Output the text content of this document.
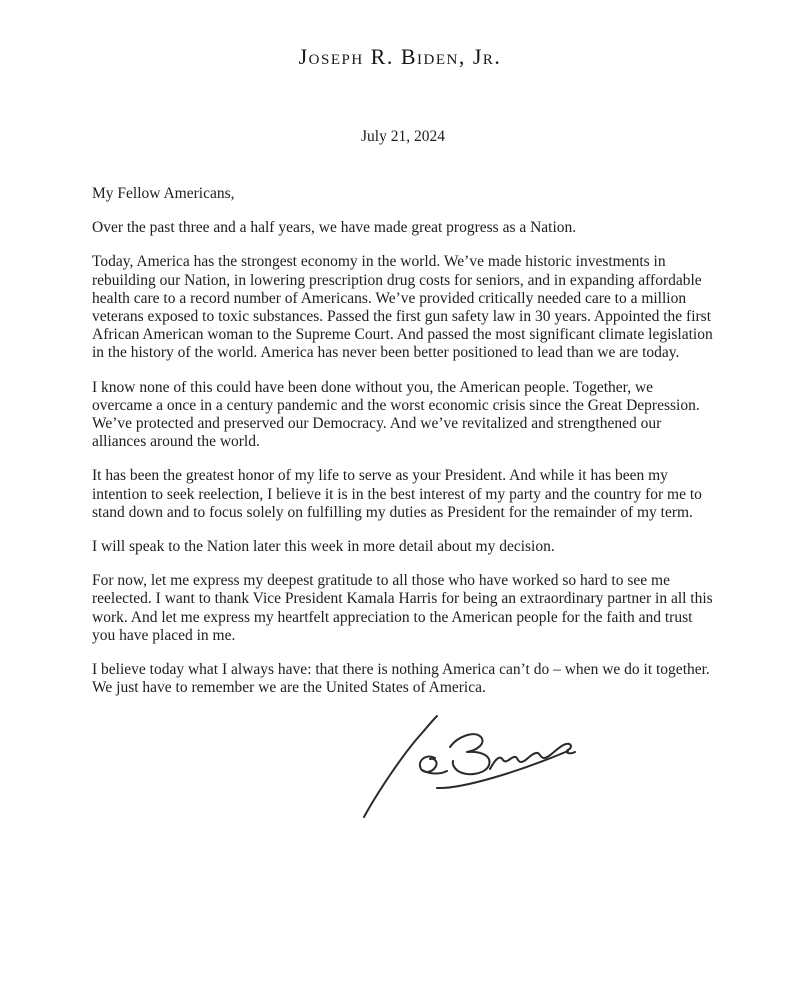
Joseph R. Biden, Jr.
July 21, 2024

My Fellow Americans,

Over the past three and a half years, we have made great progress as a Nation.

Today, America has the strongest economy in the world. We’ve made historic investments in rebuilding our Nation, in lowering prescription drug costs for seniors, and in expanding affordable health care to a record number of Americans. We’ve provided critically needed care to a million veterans exposed to toxic substances. Passed the first gun safety law in 30 years. Appointed the first African American woman to the Supreme Court. And passed the most significant climate legislation in the history of the world. America has never been better positioned to lead than we are today.

I know none of this could have been done without you, the American people. Together, we overcame a once in a century pandemic and the worst economic crisis since the Great Depression. We’ve protected and preserved our Democracy. And we’ve revitalized and strengthened our alliances around the world.

It has been the greatest honor of my life to serve as your President. And while it has been my intention to seek reelection, I believe it is in the best interest of my party and the country for me to stand down and to focus solely on fulfilling my duties as President for the remainder of my term.

I will speak to the Nation later this week in more detail about my decision.

For now, let me express my deepest gratitude to all those who have worked so hard to see me reelected. I want to thank Vice President Kamala Harris for being an extraordinary partner in all this work. And let me express my heartfelt appreciation to the American people for the faith and trust you have placed in me.

I believe today what I always have: that there is nothing America can’t do – when we do it together. We just have to remember we are the United States of America.
